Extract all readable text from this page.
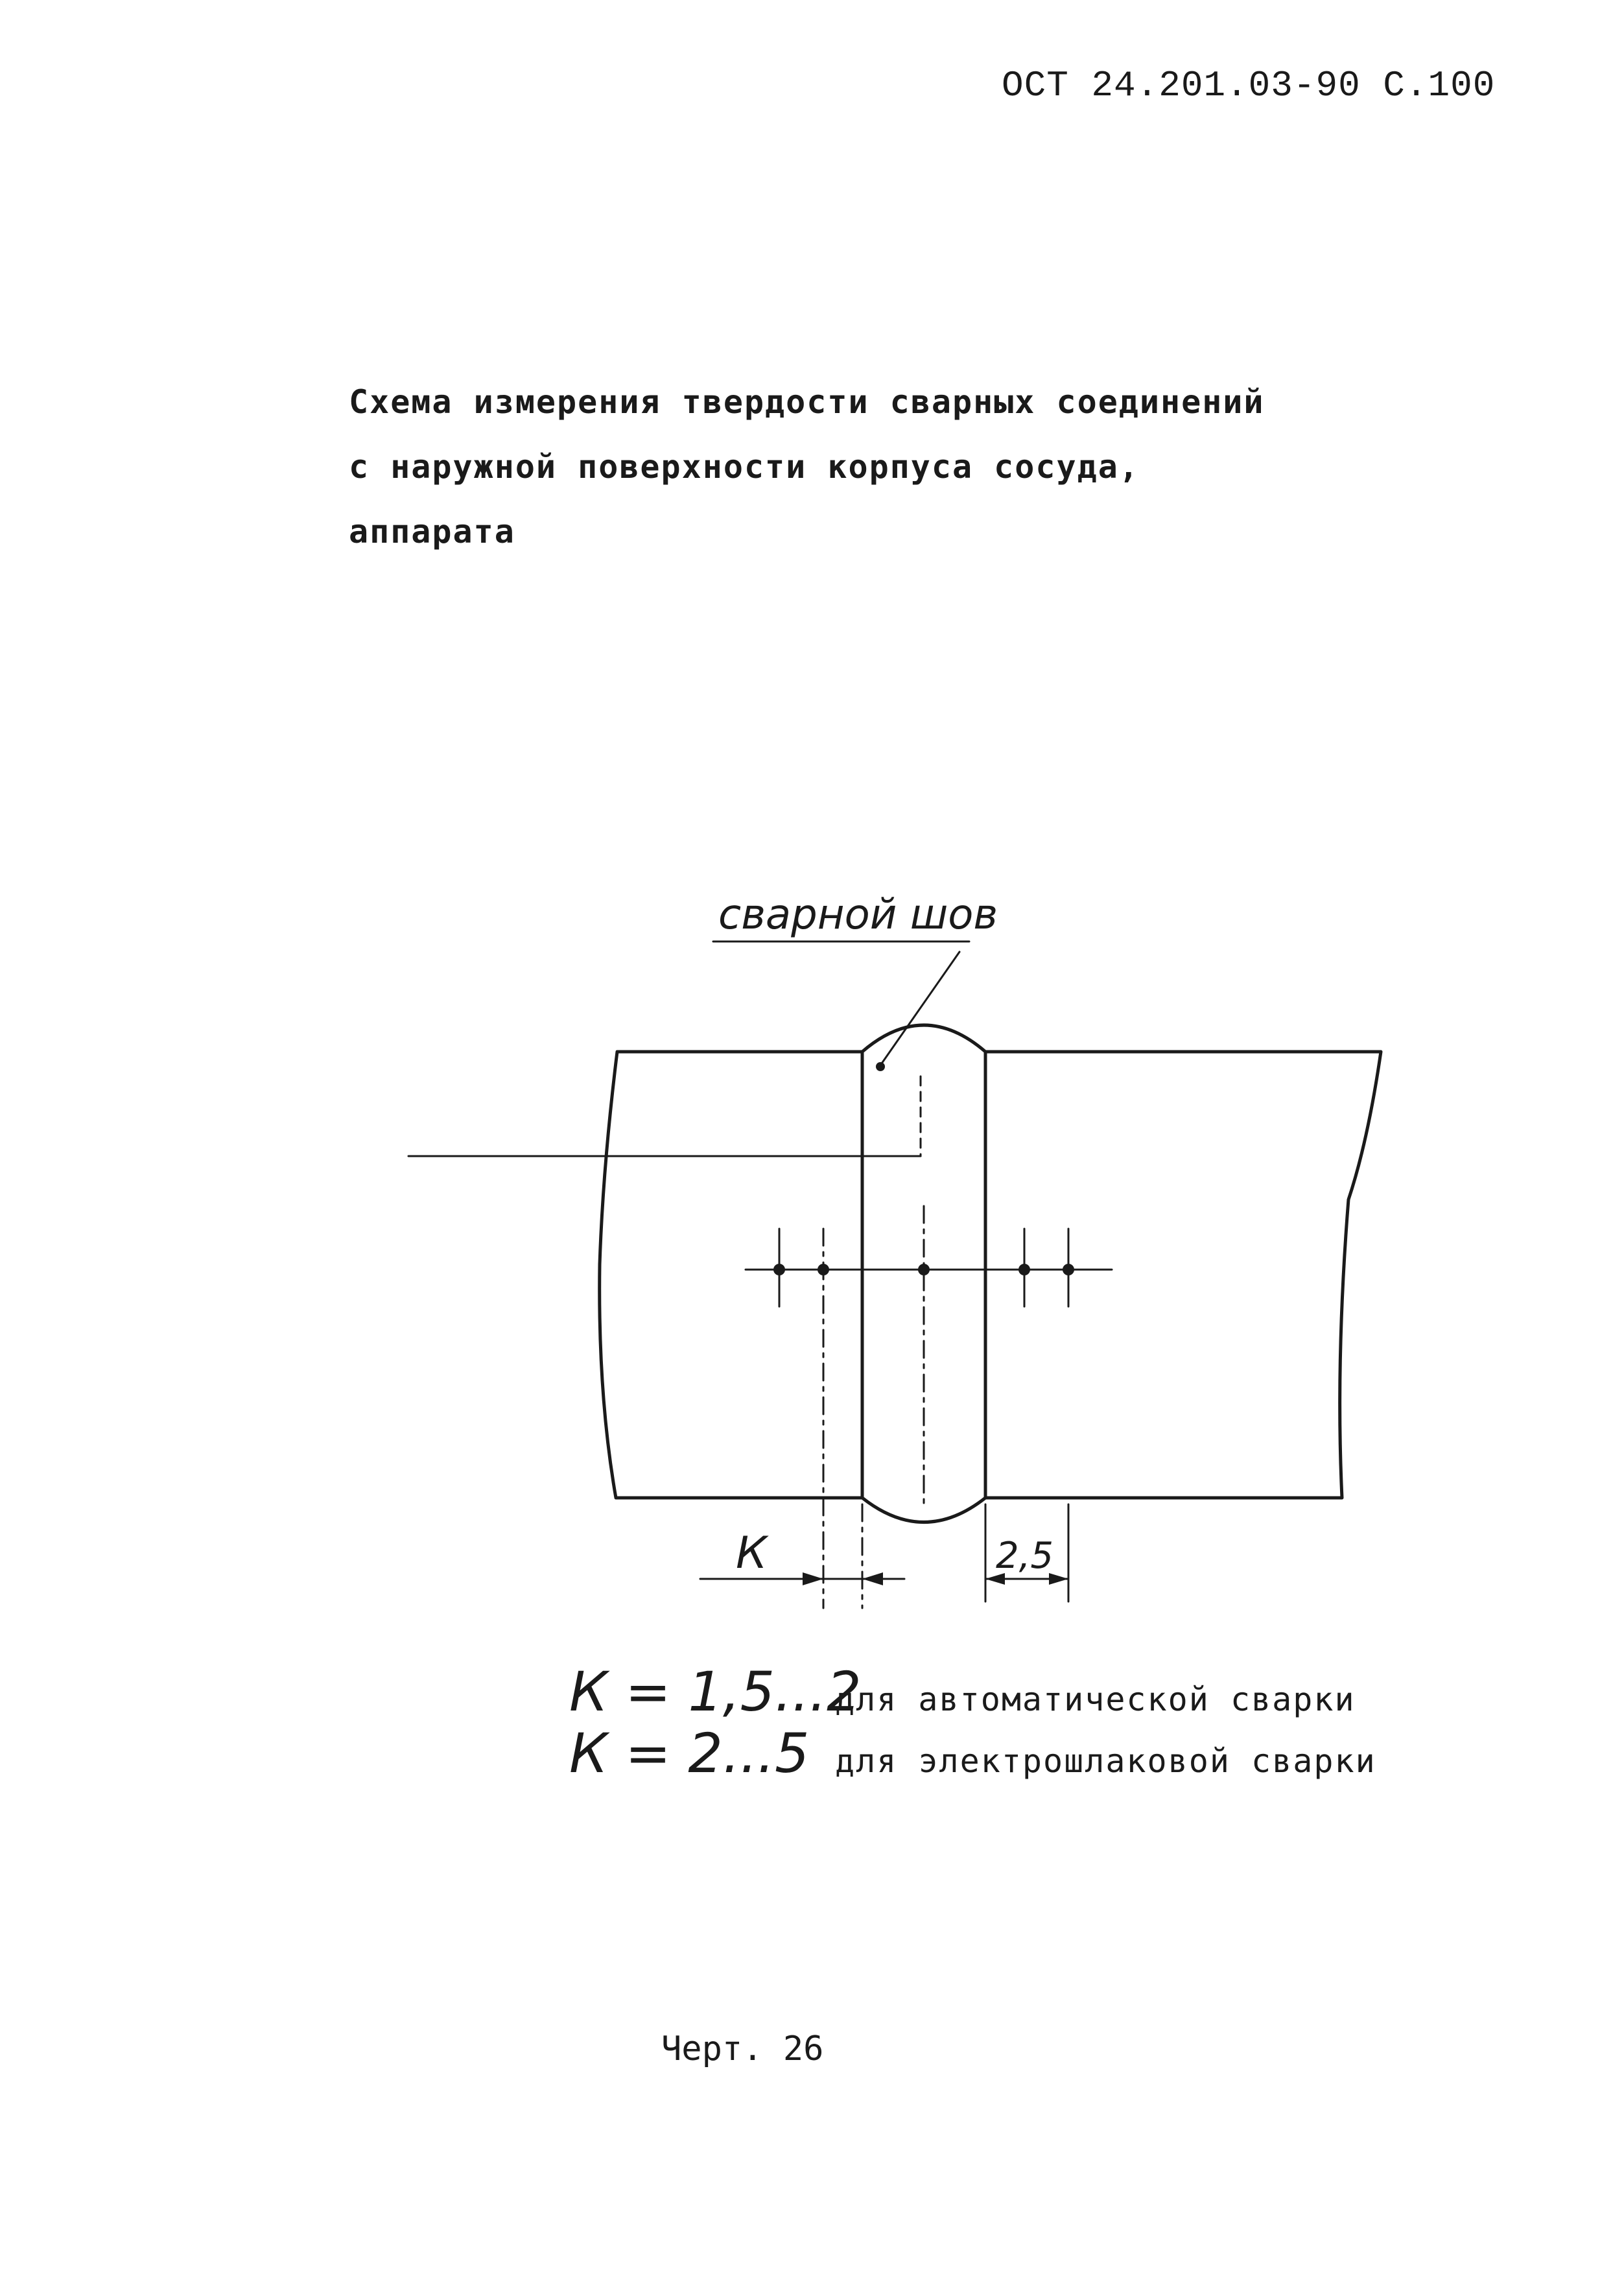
ОСТ 24.201.03-90 С.100
Схема измерения твердости сварных соединений
с наружной поверхности корпуса сосуда,
аппарата
сварной шов
К	2,5
К = 1,5...2
для автоматической сварки
К = 2...5 для электрошлаковой сварки
Черт. 26
